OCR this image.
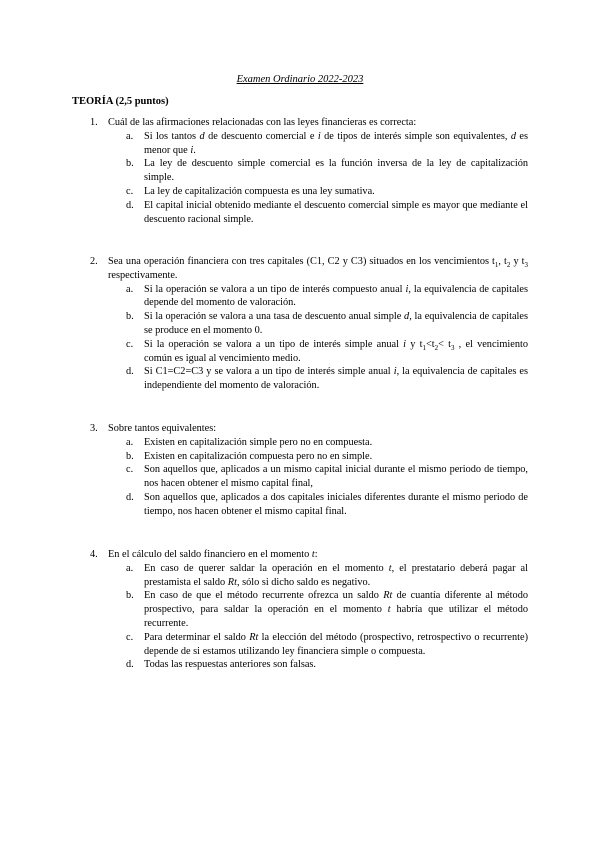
Examen Ordinario 2022-2023
TEORÍA (2,5 puntos)
1. Cuál de las afirmaciones relacionadas con las leyes financieras es correcta:
a. Si los tantos d de descuento comercial e i de tipos de interés simple son equivalentes, d es menor que i.
b. La ley de descuento simple comercial es la función inversa de la ley de capitalización simple.
c. La ley de capitalización compuesta es una ley sumativa.
d. El capital inicial obtenido mediante el descuento comercial simple es mayor que mediante el descuento racional simple.
2. Sea una operación financiera con tres capitales (C1, C2 y C3) situados en los vencimientos $t_1$, $t_2$ y $t_3$ respectivamente.
a. Si la operación se valora a un tipo de interés compuesto anual i, la equivalencia de capitales depende del momento de valoración.
b. Si la operación se valora a una tasa de descuento anual simple d, la equivalencia de capitales se produce en el momento 0.
c. Si la operación se valora a un tipo de interés simple anual i y $t_1<t_2< t_3$ , el vencimiento común es igual al vencimiento medio.
d. Si C1=C2=C3 y se valora a un tipo de interés simple anual i, la equivalencia de capitales es independiente del momento de valoración.
3. Sobre tantos equivalentes:
a. Existen en capitalización simple pero no en compuesta.
b. Existen en capitalización compuesta pero no en simple.
c. Son aquellos que, aplicados a un mismo capital inicial durante el mismo periodo de tiempo, nos hacen obtener el mismo capital final,
d. Son aquellos que, aplicados a dos capitales iniciales diferentes durante el mismo periodo de tiempo, nos hacen obtener el mismo capital final.
4. En el cálculo del saldo financiero en el momento t:
a. En caso de querer saldar la operación en el momento t, el prestatario deberá pagar al prestamista el saldo Rt, sólo si dicho saldo es negativo.
b. En caso de que el método recurrente ofrezca un saldo Rt de cuantía diferente al método prospectivo, para saldar la operación en el momento t habría que utilizar el método recurrente.
c. Para determinar el saldo Rt la elección del método (prospectivo, retrospectivo o recurrente) depende de si estamos utilizando ley financiera simple o compuesta.
d. Todas las respuestas anteriores son falsas.
